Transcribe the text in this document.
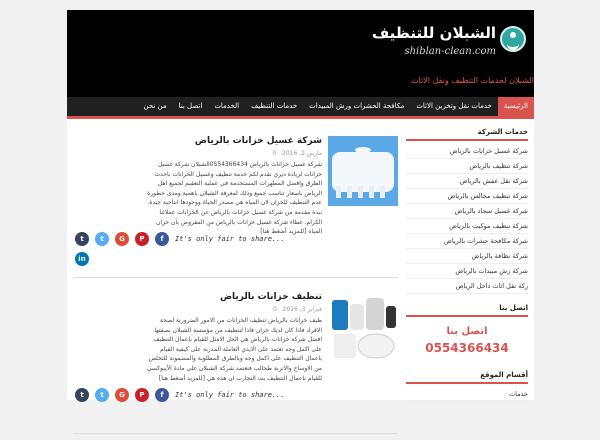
الشبلان للتنظيف
shiblan-clean.com
الشبلان لخدمات التنظيف ونقل الاثاث
الرئيسية
خدمات نقل وتخزين الاثاث
مكافحة الحشرات ورش المبيدات
خدمات التنظيف
الخدمات
اتصل بنا
من نحن
خدمات الشركة
شركة غسيل خزانات بالرياض
شركة تنظيف بالرياض
شركة نقل عفش بالرياض
شركة تنظيف مجالس بالرياض
شركة غسيل سجاد بالرياض
شركة تنظيف موكيت بالرياض
شركة مكافحة حشرات بالرياض
شركة نظافة بالرياض
شركة رش مبيدات بالرياض
ركة نقل اثاث داخل الرياض
اتصل بنا
اتصل بنا
0554366434
أقسام الموقع
خدمات
شركة غسيل خزانات بالرياض
مارس 2, 2016   0
شركة غسيل خزانات بالرياض 0554366434الشبلان شركة غسيل خزانات لزيادة ديري نقدم لكم خدمة تنظيف وغسيل الخزانات باحدث الطرق وافضل المطهرات المستخدمة في عملية التعقيم لجميع اهل الرياض باسعار تناسب جميع وذلك لمعرفة الشبلان باهمية ومدى خطورة عدم التنظيف للخزان لان المياه هي مصدر الحياة ووجودها انتاجية جيدة. نبذة مقدمة من شركة غسيل خزانات بالرياض عن الخزانات عملائنا الكرام. غطاء شركة غسيل خزانات بالرياض من المفروض بأن خزان المياه [للمزيد أضغط هنا]
t	t	G	P	f	It's only fair to share...
in
تنظيف خزانات بالرياض
فبراير 3, 2016   0
طيف خزانات بالرياض تنظيف الخزانات من الامور الضرورية لصحة الافراد فاذا كان لديك خزان فاذا لتنظيف من مؤسسة الشبلان بصفتها افضل شركة خزانات بالرياض هي الحل الامثل للقيام باعمال التنظيف على اكمل وجه تعتمد على الايدي العاملة المدربة على كيفية القيام باعمال التنظيف على اكمل وجه وبالطرق المطلوبة والمضمونة للتخلص من الاوساخ والاتربة طحالب فتعتمد شركة الشبلان على مادة الأيبوكسي للقيام باعمال التنظيف بت التجارب ان هذه هي [للمزيد أضغط هنا]
t	t	G	P	f	It's only fair to share...
